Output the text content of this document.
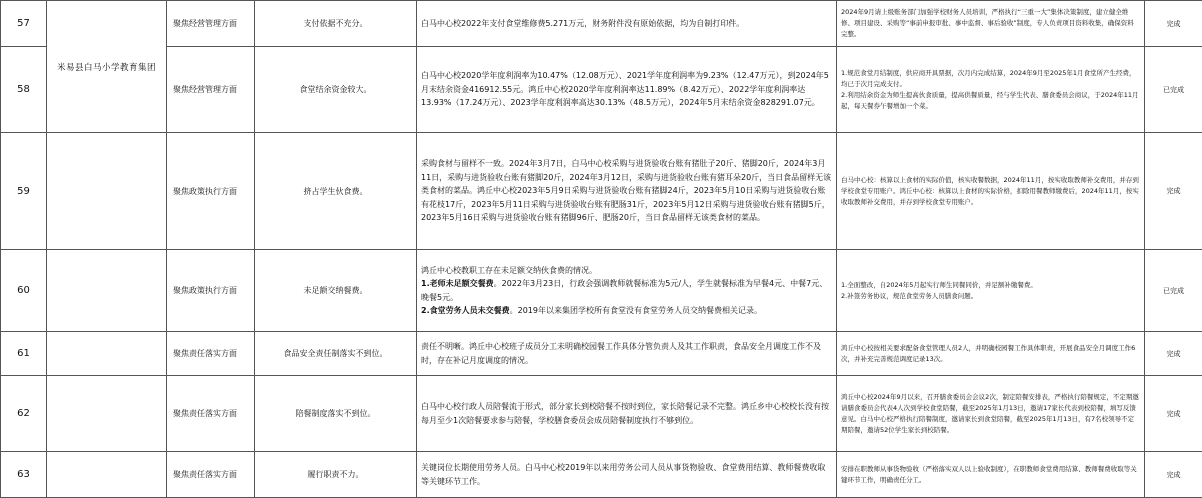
57	米易县白马小学教育集团	聚焦经营管理方面	支付依据不充分。	白马中心校2022年支付食堂维修费5.271万元，财务附件没有原始依据，均为自制打印件。	2024年9月请上级账务部门加强学校财务人员培训，严格执行“三重一大”集体决策制度，建立健全维修、项目建设、采购等“事前申报审批、事中监督、事后验收”制度，专人负责项目资料收集，确保资料完整。	完成
58		聚焦经营管理方面	食堂结余资金较大。	白马中心校2020学年度利润率为10.47%（12.08万元）、2021学年度利润率为9.23%（12.47万元），到2024年5月末结余资金416912.55元。鸿丘中心校2020学年度利润率达11.89%（8.42万元）、2022学年度利润率达13.93%（17.24万元）、2023学年度利润率高达30.13%（48.5万元），2024年5月末结余资金828291.07元。	1.规范食堂月结制度，供应商开具票据，次月内完成结算，2024年9月至2025年1月食堂所产生经费，均已于次月完成支付。
2.利用结余资金为师生提高伙食质量，提高供餐质量，经与学生代表、膳食委员会商议，于2024年11月起，每天餐券午餐增加一个菜。	已完成
59		聚焦政策执行方面	挤占学生伙食费。	采购食材与留样不一致。2024年3月7日，白马中心校采购与进货验收台账有猪肚子20斤、猪脚20斤，2024年3月11日，采购与进货验收台账有猪脚20斤，2024年3月12日，采购与进货验收台账有猪耳朵20斤，当日食品留样无该类食材的菜品。鸿丘中心校2023年5月9日采购与进货验收台账有猪脚24斤，2023年5月10日采购与进货验收台账有花枝17斤，2023年5月11日采购与进货验收台账有肥肠31斤，2023年5月12日采购与进货验收台账有猪脚5斤，2023年5月16日采购与进货验收台账有猪脚96斤、肥肠20斤，当日食品留样无该类食材的菜品。	白马中心校：核算以上食材的实际价值，核实收餐数据，2024年11月，按实收取教师补交费用，并存到学校食堂专用账户。鸿丘中心校：核算以上食材的实际价格，扣除用餐教师缴费后，2024年11月，按实收取教师补交费用，并存到学校食堂专用账户。	完成
60		聚焦政策执行方面	未足额交纳餐费。	鸿丘中心校教职工存在未足额交纳伙食费的情况。
1.老师未足额交餐费。2022年3月23日，行政会强调教师就餐标准为5元/人，学生就餐标准为早餐4元、中餐7元、晚餐5元。
2.食堂劳务人员未交餐费。2019年以来集团学校所有食堂没有食堂劳务人员交纳餐费相关记录。	1.全面整改，自2024年5月起实行师生同餐同价，并足额补缴餐费。
2.补签劳务协议，规范食堂劳务人员膳食问题。	已完成
61		聚焦责任落实方面	食品安全责任制落实不到位。	责任不明晰。鸿丘中心校班子成员分工未明确校园餐工作具体分管负责人及其工作职责，食品安全月调度工作不及时，存在补记月度调度的情况。	鸿丘中心校按相关要求配备食堂管理人员2人，并明确校园餐工作具体职责，开展食品安全月调度工作6次，并补充完善规范调度记录13次。	完成
62		聚焦责任落实方面	陪餐制度落实不到位。	白马中心校行政人员陪餐流于形式，部分家长到校陪餐不按时到位，家长陪餐记录不完整。鸿丘乡中心校校长没有按每月至少1次陪餐要求参与陪餐，学校膳食委员会成员陪餐制度执行不够到位。	鸿丘中心校2024年9月以来，召开膳食委员会会议2次，制定陪餐安排表，严格执行陪餐规定，不定期邀请膳食委员会代表4人次到学校食堂陪餐，截至2025年1月13日，邀请17家长代表到校陪餐，填写反馈意见。白马中心校严格执行陪餐制度，邀请家长到食堂陪餐，截至2025年1月13日，有7名校领导不定期陪餐，邀请52位学生家长到校陪餐。	完成
63		聚焦责任落实方面	履行职责不力。	关键岗位长期使用劳务人员。白马中心校2019年以来用劳务公司人员从事货物验收、食堂费用结算、教师餐费收取等关键环节工作。	安排在职教师从事货物验收（严格落实双人以上验收制度），在职教师食堂费用结算、教师餐费收取等关键环节工作，明确责任分工。	完成
